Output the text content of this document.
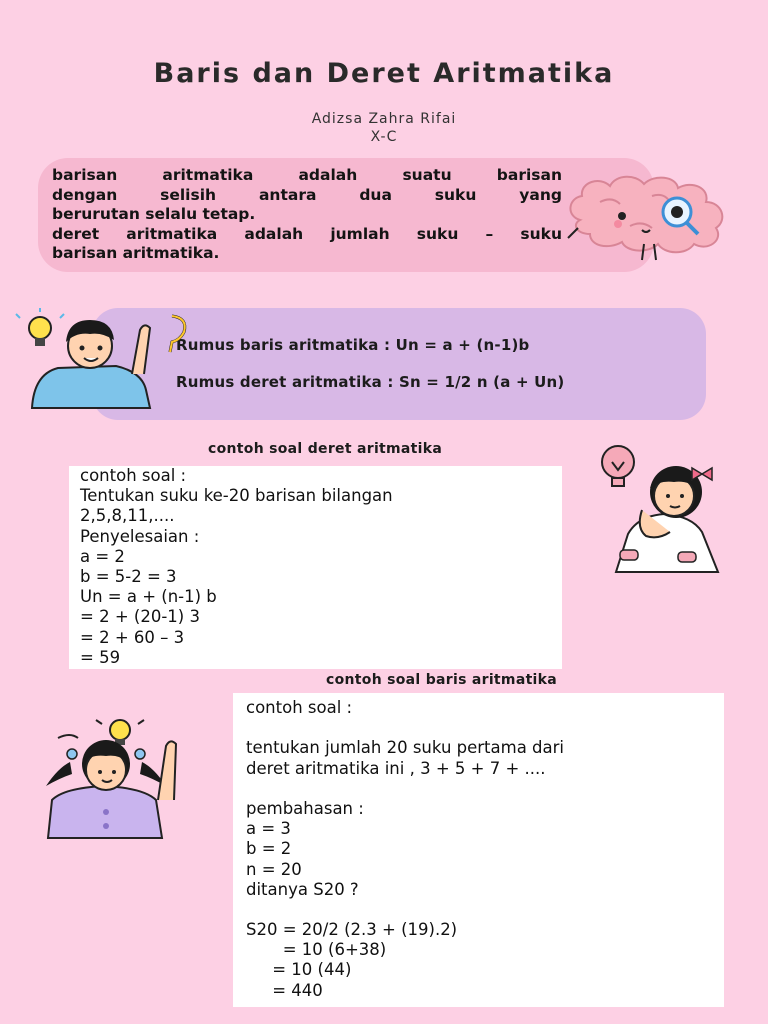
Baris dan Deret Aritmatika
Adizsa Zahra Rifai
X-C
barisan aritmatika adalah suatu barisan
dengan selisih antara dua suku yang
berurutan selalu tetap.
deret aritmatika adalah jumlah suku – suku
barisan aritmatika.
Rumus baris aritmatika : Un = a + (n-1)b
Rumus deret aritmatika : Sn = 1/2 n (a + Un)
contoh soal deret aritmatika
contoh soal :
Tentukan suku ke-20 barisan bilangan
2,5,8,11,....
Penyelesaian :
a = 2
b = 5-2 = 3
Un = a + (n-1) b
= 2 + (20-1) 3
= 2 + 60 – 3
= 59
contoh soal baris aritmatika
contoh soal :
tentukan jumlah 20 suku pertama dari
deret aritmatika ini , 3 + 5 + 7 + ....
pembahasan :
a = 3
b = 2
n = 20
ditanya S20 ?
S20 = 20/2 (2.3 + (19).2)
= 10 (6+38)
= 10 (44)
= 440
